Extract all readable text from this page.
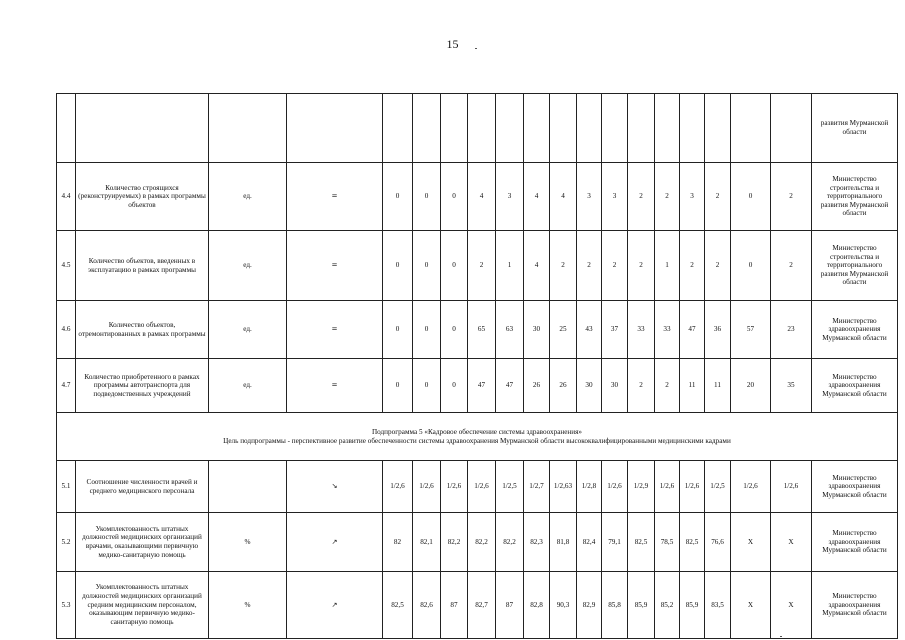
15
																			развития Мурманской области
4.4	Количество строящихся (реконструируемых) в рамках программы объектов	ед.	=	0	0	0	4	3	4	4	3	3	2	2	3	2	0	2	Министерство строительства и территориального развития Мурманской области
4.5	Количество объектов, введенных в эксплуатацию в рамках программы	ед.	=	0	0	0	2	1	4	2	2	2	2	1	2	2	0	2	Министерство строительства и территориального развития Мурманской области
4.6	Количество объектов, отремонтированных в рамках программы	ед.	=	0	0	0	65	63	30	25	43	37	33	33	47	36	57	23	Министерство здравоохранения Мурманской области
4.7	Количество приобретенного в рамках программы автотранспорта для подведомственных учреждений	ед.	=	0	0	0	47	47	26	26	30	30	2	2	11	11	20	35	Министерство здравоохранения Мурманской области

Подпрограмма 5 «Кадровое обеспечение системы здравоохранения»
Цель подпрограммы - перспективное развитие обеспеченности системы здравоохранения Мурманской области высококвалифицированными медицинскими кадрами																			

5.1	Соотношение численности врачей и среднего медицинского персонала		↘	1/2,6	1/2,6	1/2,6	1/2,6	1/2,5	1/2,7	1/2,63	1/2,8	1/2,6	1/2,9	1/2,6	1/2,6	1/2,5	1/2,6	1/2,6	Министерство здравоохранения Мурманской области
5.2	Укомплектованность штатных должностей медицинских организаций врачами, оказывающими первичную медико-санитарную помощь	%	↗	82	82,1	82,2	82,2	82,2	82,3	81,8	82,4	79,1	82,5	78,5	82,5	76,6	X	X	Министерство здравоохранения Мурманской области
5.3	Укомплектованность штатных должностей медицинских организаций средним медицинским персоналом, оказывающим первичную медико-санитарную помощь	%	↗	82,5	82,6	87	82,7	87	82,8	90,3	82,9	85,8	85,9	85,2	85,9	83,5	X	X	Министерство здравоохранения Мурманской области
